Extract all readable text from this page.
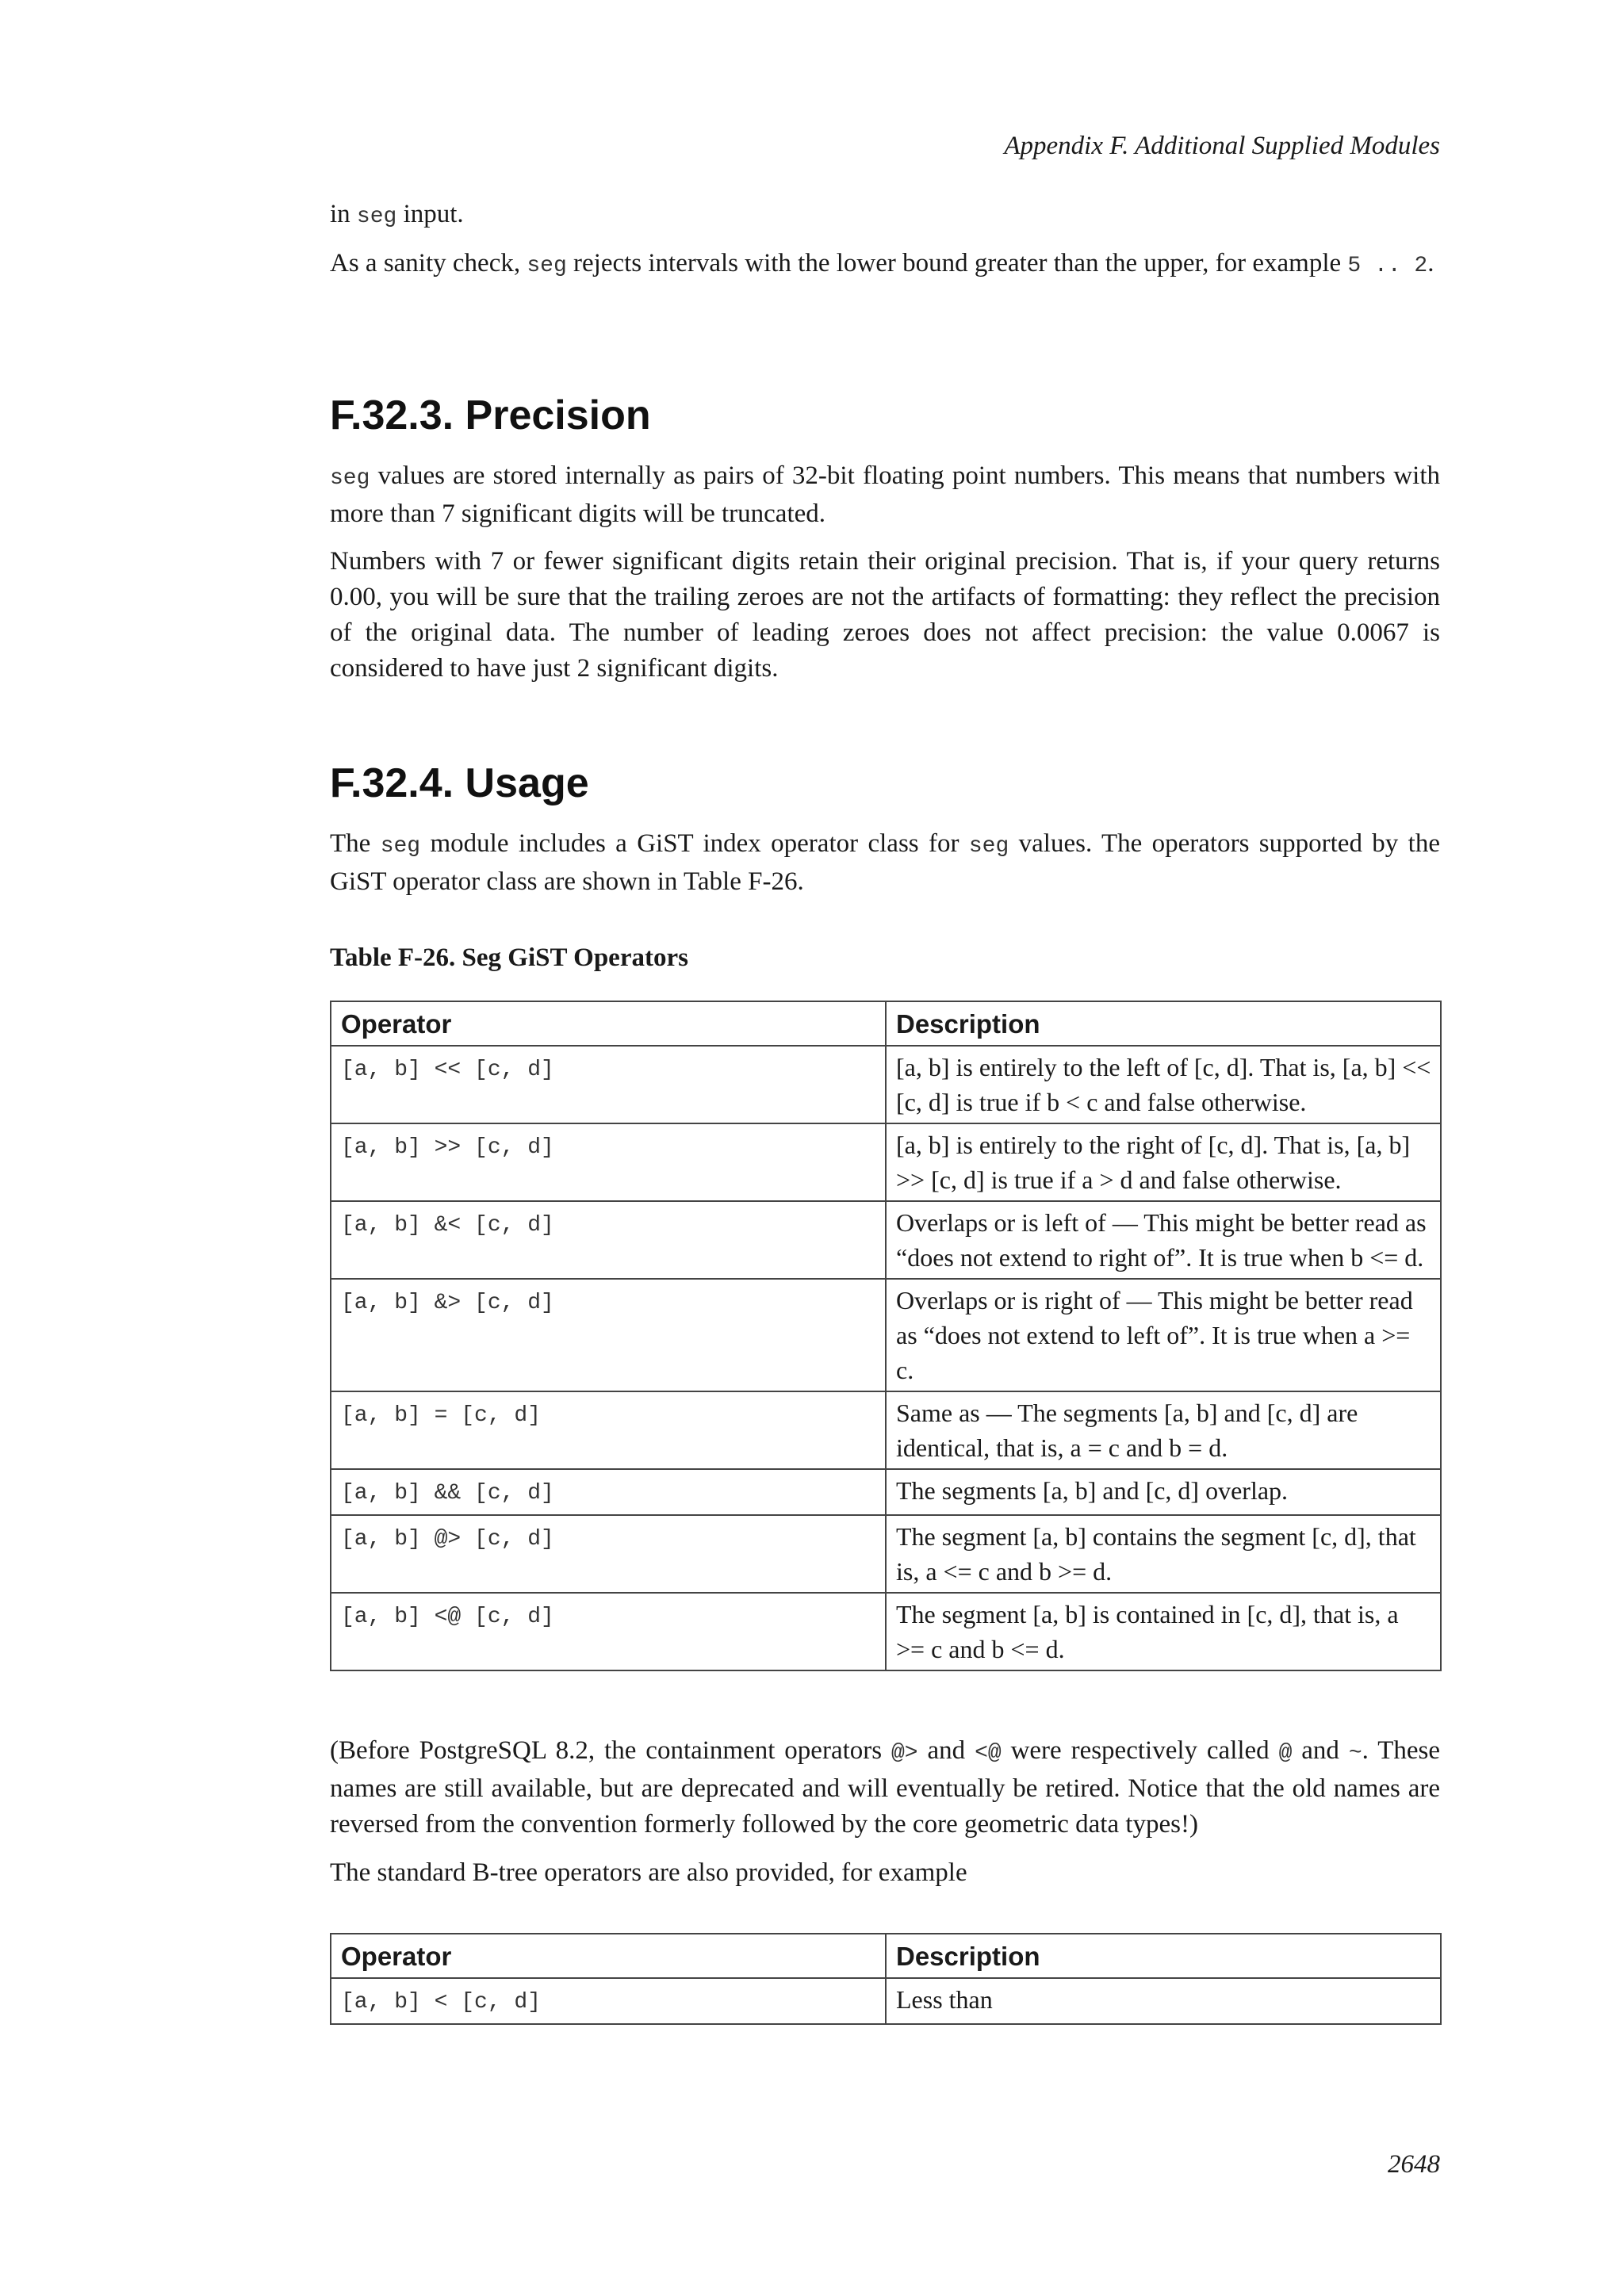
Appendix F. Additional Supplied Modules

in seg input.

As a sanity check, seg rejects intervals with the lower bound greater than the upper, for example 5 .. 2.

F.32.3. Precision

seg values are stored internally as pairs of 32-bit floating point numbers. This means that numbers with more than 7 significant digits will be truncated.

Numbers with 7 or fewer significant digits retain their original precision. That is, if your query returns 0.00, you will be sure that the trailing zeroes are not the artifacts of formatting: they reflect the precision of the original data. The number of leading zeroes does not affect precision: the value 0.0067 is considered to have just 2 significant digits.

F.32.4. Usage

The seg module includes a GiST index operator class for seg values. The operators supported by the GiST operator class are shown in Table F-26.

Table F-26. Seg GiST Operators
Operator	Description
[a, b] << [c, d]	[a, b] is entirely to the left of [c, d]. That is, [a, b] << [c, d] is true if b < c and false otherwise.
[a, b] >> [c, d]	[a, b] is entirely to the right of [c, d]. That is, [a, b] >> [c, d] is true if a > d and false otherwise.
[a, b] &< [c, d]	Overlaps or is left of — This might be better read as “does not extend to right of”. It is true when b <= d.
[a, b] &> [c, d]	Overlaps or is right of — This might be better read as “does not extend to left of”. It is true when a >= c.
[a, b] = [c, d]	Same as — The segments [a, b] and [c, d] are identical, that is, a = c and b = d.
[a, b] && [c, d]	The segments [a, b] and [c, d] overlap.
[a, b] @> [c, d]	The segment [a, b] contains the segment [c, d], that is, a <= c and b >= d.
[a, b] <@ [c, d]	The segment [a, b] is contained in [c, d], that is, a >= c and b <= d.

(Before PostgreSQL 8.2, the containment operators @> and <@ were respectively called @ and ~. These names are still available, but are deprecated and will eventually be retired. Notice that the old names are reversed from the convention formerly followed by the core geometric data types!)

The standard B-tree operators are also provided, for example

Operator	Description
[a, b] < [c, d]	Less than
2648
